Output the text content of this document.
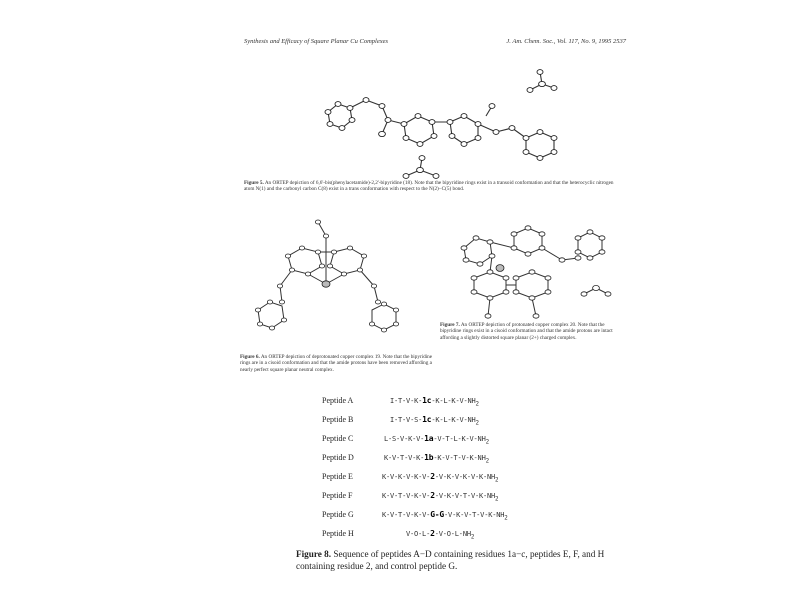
Synthesis and Efficacy of Square Planar Cu Complexes	J. Am. Chem. Soc., Vol. 117, No. 9, 1995 2537
Figure 5. An ORTEP depiction of 6,6'-bis(phenylacetamide)-2,2'-bipyridine (18). Note that the bipyridine rings exist in a transoid conformation and that the heterocyclic nitrogen atom N(1) and the carbonyl carbon C(8) exist in a trans conformation with respect to the N(2)−C(5) bond.
Figure 7. An ORTEP depiction of protonated copper complex 20. Note that the bipyridine rings exist in a cisoid conformation and that the amide protons are intact affording a slightly distorted square planar (2+) charged complex.
Figure 6. An ORTEP depiction of deprotonated copper complex 19. Note that the bipyridine rings are in a cisoid conformation and that the amide protons have been removed affording a nearly perfect square planar neutral complex.
Peptide A	$I-T-V-K-1c-K-L-K-V-NH_2$
Peptide B	$I-T-V-S-1c-K-L-K-V-NH_2$
Peptide C	$L-S-V-K-V-1a-V-T-L-K-V-NH_2$
Peptide D	$K-V-T-V-K-1b-K-V-T-V-K-NH_2$
Peptide E	$K-V-K-V-K-V-2-V-K-V-K-V-K-NH_2$
Peptide F	$K-V-T-V-K-V-2-V-K-V-T-V-K-NH_2$
Peptide G	$K-V-T-V-K-V-G-G-V-K-V-T-V-K-NH_2$
Peptide H	$V-O-L-2-V-O-L-NH_2$
Figure 8. Sequence of peptides A−D containing residues 1a−c, peptides E, F, and H containing residue 2, and control peptide G.
